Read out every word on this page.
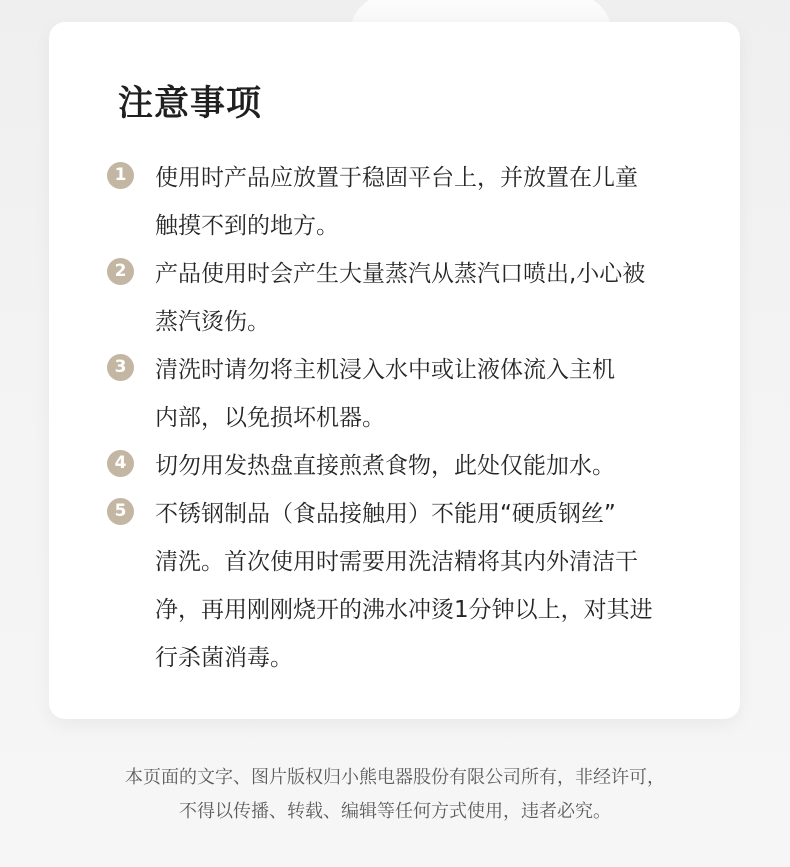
注意事项
1	使用时产品应放置于稳固平台上，并放置在儿童
触摸不到的地方。
2	产品使用时会产生大量蒸汽从蒸汽口喷出,小心被
蒸汽烫伤。
3	清洗时请勿将主机浸入水中或让液体流入主机
内部，以免损坏机器。
4	切勿用发热盘直接煎煮食物，此处仅能加水。
5	不锈钢制品（食品接触用）不能用“硬质钢丝”
清洗。首次使用时需要用洗洁精将其内外清洁干
净，再用刚刚烧开的沸水冲烫1分钟以上，对其进
行杀菌消毒。
本页面的文字、图片版权归小熊电器股份有限公司所有，非经许可，
不得以传播、转载、编辑等任何方式使用，违者必究。
